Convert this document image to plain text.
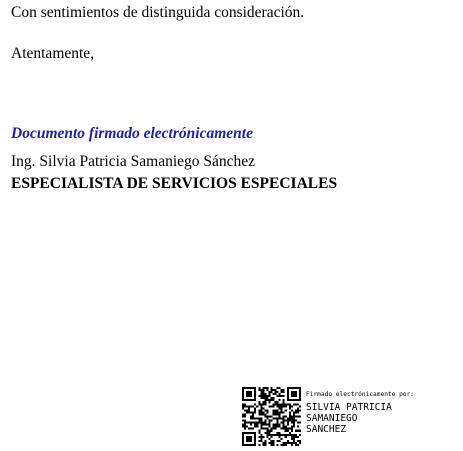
Con sentimientos de distinguida consideración.
Atentamente,
Documento firmado electrónicamente
Ing. Silvia Patricia Samaniego Sánchez
ESPECIALISTA DE SERVICIOS ESPECIALES
Firmado electrónicamente por:
SILVIA PATRICIA
SAMANIEGO
SANCHEZ
